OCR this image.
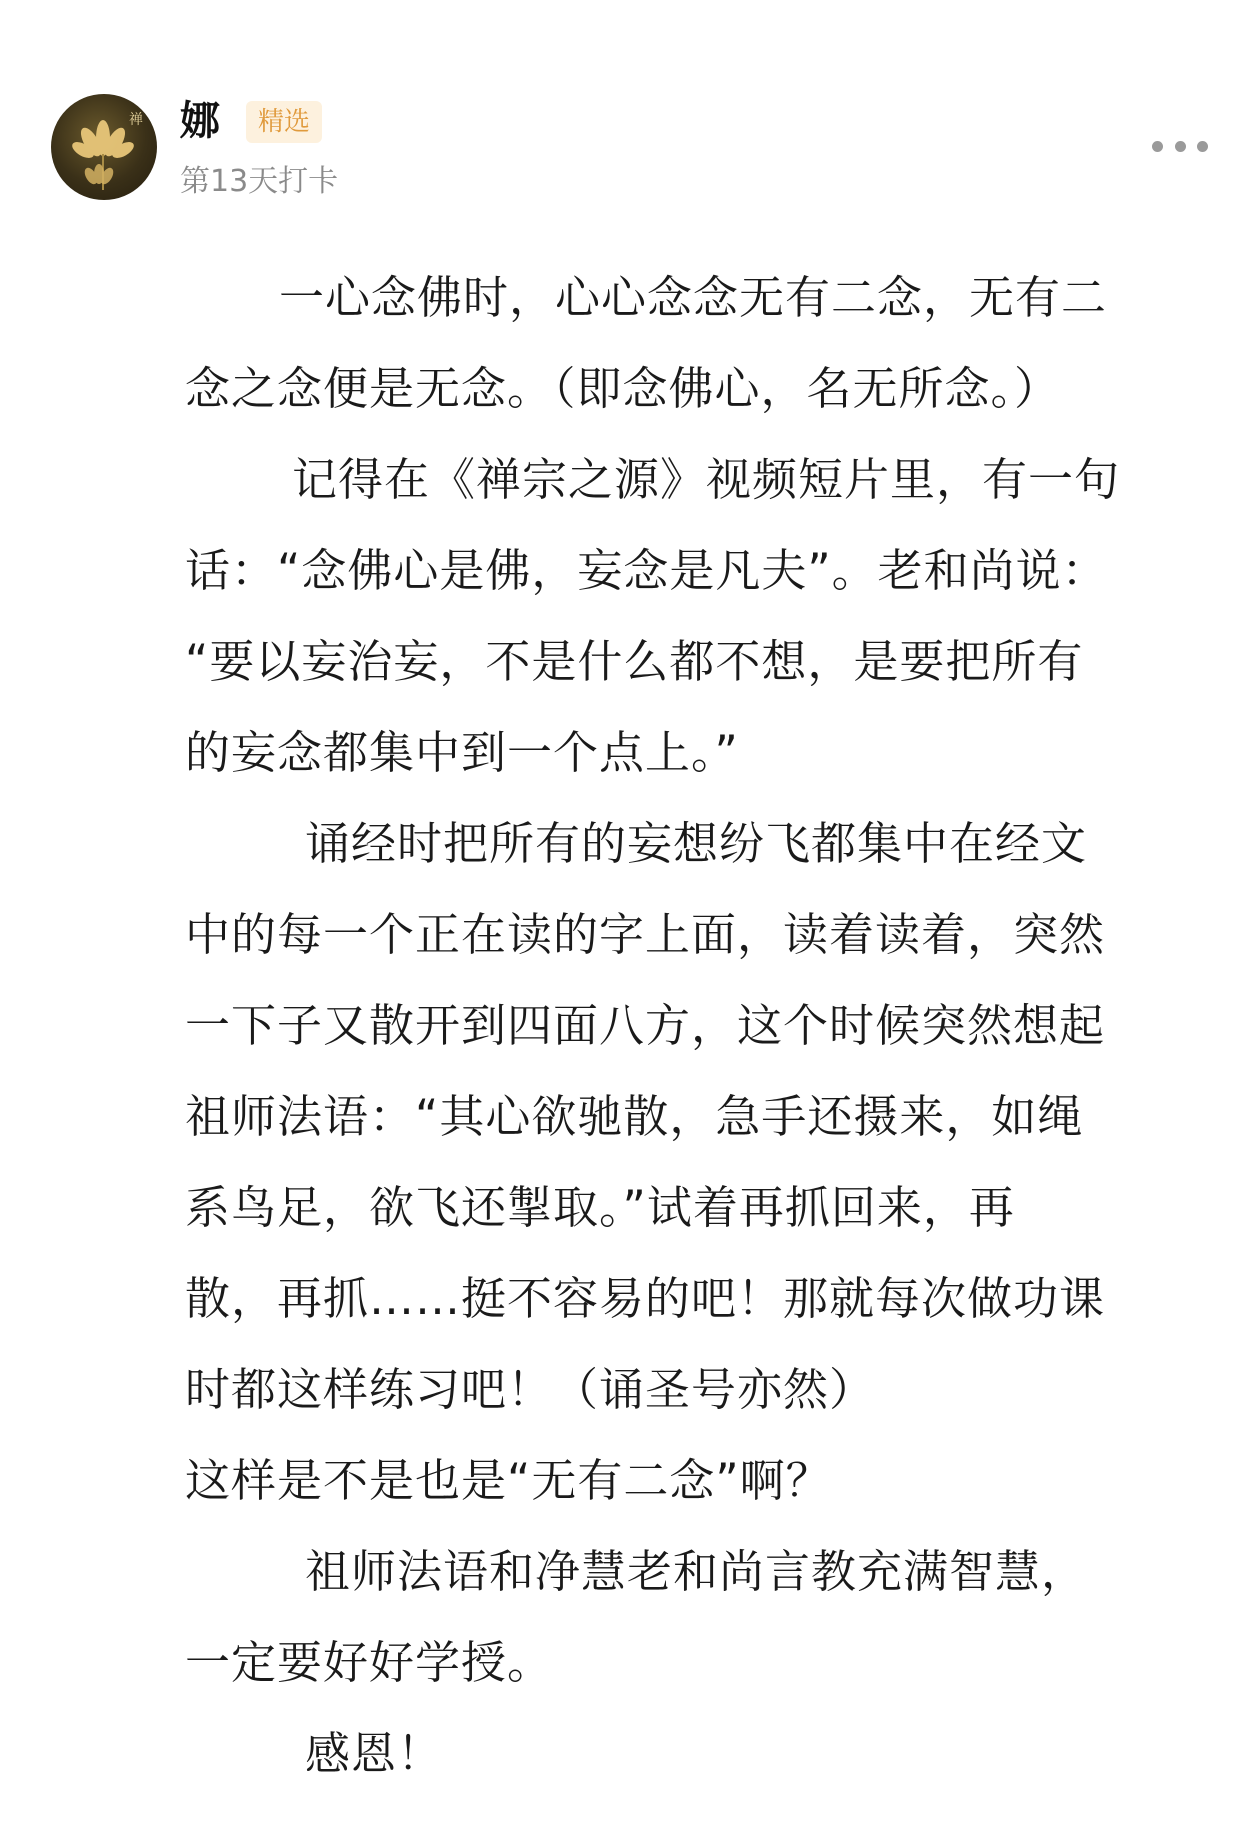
禅 娜	精选
第13天打卡
一心念佛时，心心念念无有二念，无有二
念之念便是无念。（即念佛心，名无所念。）
记得在《禅宗之源》视频短片里，有一句
话：“念佛心是佛，妄念是凡夫”。老和尚说：
“要以妄治妄，不是什么都不想，是要把所有
的妄念都集中到一个点上。”
诵经时把所有的妄想纷飞都集中在经文
中的每一个正在读的字上面，读着读着，突然
一下子又散开到四面八方，这个时候突然想起
祖师法语：“其心欲驰散，急手还摄来，如绳
系鸟足，欲飞还掣取。”试着再抓回来，再
散，再抓……挺不容易的吧！那就每次做功课
时都这样练习吧！（诵圣号亦然）
这样是不是也是“无有二念”啊？
祖师法语和净慧老和尚言教充满智慧，
一定要好好学授。
感恩！
